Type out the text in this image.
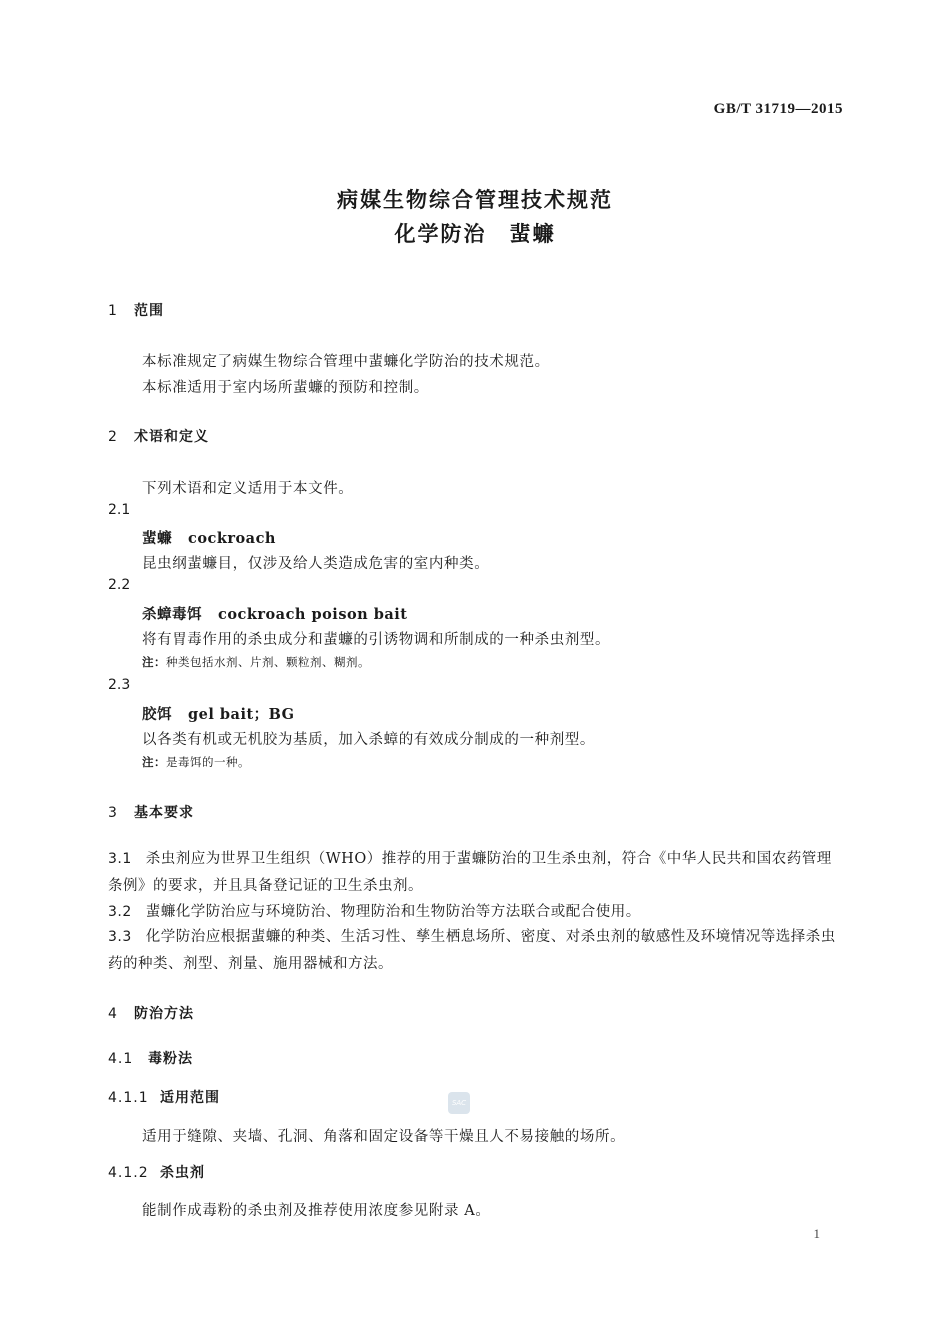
GB/T 31719—2015
病媒生物综合管理技术规范
化学防治　蜚蠊
1 范围
本标准规定了病媒生物综合管理中蜚蠊化学防治的技术规范。
本标准适用于室内场所蜚蠊的预防和控制。
2 术语和定义
下列术语和定义适用于本文件。
2.1
蜚蠊 cockroach
昆虫纲蜚蠊目，仅涉及给人类造成危害的室内种类。
2.2
杀蟑毒饵 cockroach poison bait
将有胃毒作用的杀虫成分和蜚蠊的引诱物调和所制成的一种杀虫剂型。
注：种类包括水剂、片剂、颗粒剂、糊剂。
2.3
胶饵 gel bait；BG
以各类有机或无机胶为基质，加入杀蟑的有效成分制成的一种剂型。
注：是毒饵的一种。
3 基本要求
3.1 杀虫剂应为世界卫生组织（WHO）推荐的用于蜚蠊防治的卫生杀虫剂，符合《中华人民共和国农药管理条例》的要求，并且具备登记证的卫生杀虫剂。
3.2 蜚蠊化学防治应与环境防治、物理防治和生物防治等方法联合或配合使用。
3.3 化学防治应根据蜚蠊的种类、生活习性、孳生栖息场所、密度、对杀虫剂的敏感性及环境情况等选择杀虫药的种类、剂型、剂量、施用器械和方法。
4 防治方法
4.1 毒粉法
4.1.1 适用范围	SAC
适用于缝隙、夹墙、孔洞、角落和固定设备等干燥且人不易接触的场所。
4.1.2 杀虫剂
能制作成毒粉的杀虫剂及推荐使用浓度参见附录 A。
1
